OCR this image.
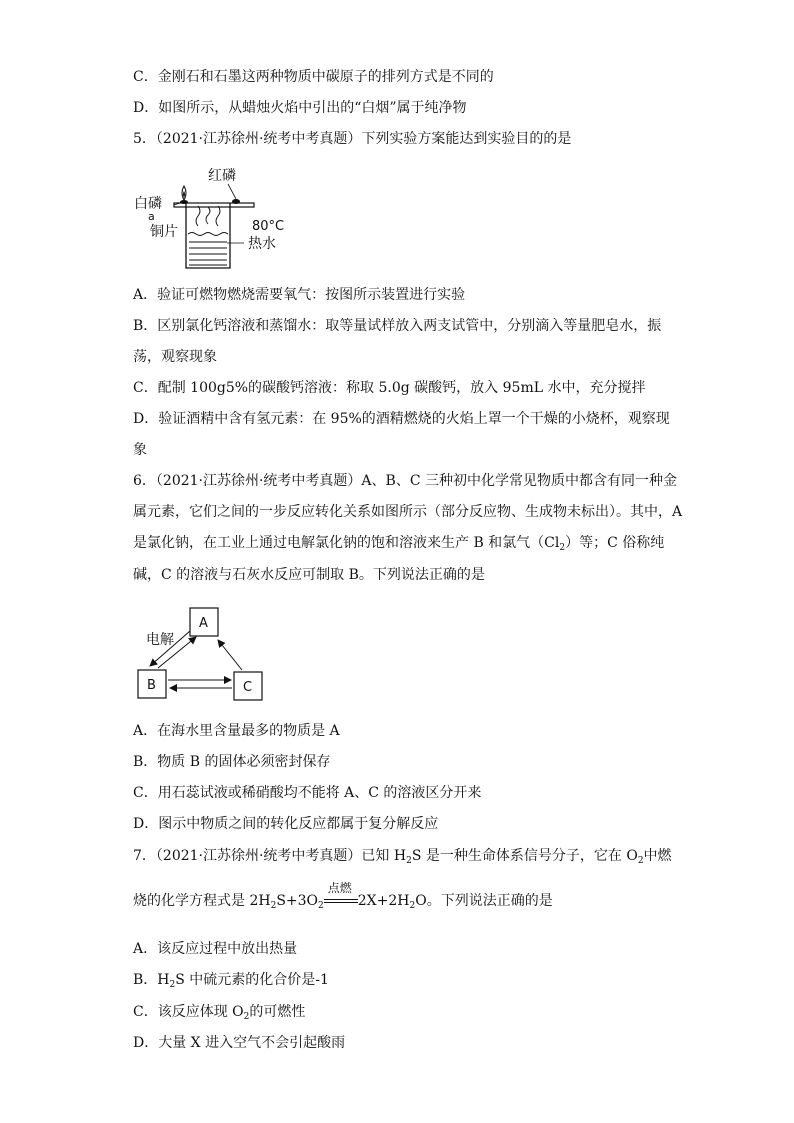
C．金刚石和石墨这两种物质中碳原子的排列方式是不同的
D．如图所示，从蜡烛火焰中引出的“白烟”属于纯净物
5．（2021·江苏徐州·统考中考真题）下列实验方案能达到实验目的的是
红磷
白磷
a
铜片	80°C
热水
A．验证可燃物燃烧需要氧气：按图所示装置进行实验
B．区别氯化钙溶液和蒸馏水：取等量试样放入两支试管中，分别滴入等量肥皂水，振
荡，观察现象
C．配制 100g5%的碳酸钙溶液：称取 5.0g 碳酸钙，放入 95mL 水中，充分搅拌
D．验证酒精中含有氢元素：在 95%的酒精燃烧的火焰上罩一个干燥的小烧杯，观察现
象
6．（2021·江苏徐州·统考中考真题）A、B、C 三种初中化学常见物质中都含有同一种金
属元素，它们之间的一步反应转化关系如图所示（部分反应物、生成物未标出）。其中，A
是氯化钠，在工业上通过电解氯化钠的饱和溶液来生产 B 和氯气$(Cl_2)$等；C 俗称纯
碱，C 的溶液与石灰水反应可制取 B。下列说法正确的是
A
B	C
电解
A．在海水里含量最多的物质是 A
B．物质 B 的固体必须密封保存
C．用石蕊试液或稀硝酸均不能将 A、C 的溶液区分开来
D．图示中物质之间的转化反应都属于复分解反应
7．（2021·江苏徐州·统考中考真题）已知 $H_2S$ 是一种生命体系信号分子，它在 $O_2$中燃
烧的化学方程式是 $2H_2S+3O_2$
点燃
$2X+2H_2O$。下列说法正确的是
A．该反应过程中放出热量
B．$H_2S$ 中硫元素的化合价是-1
C．该反应体现 $O_2$的可燃性
D．大量 X 进入空气不会引起酸雨
